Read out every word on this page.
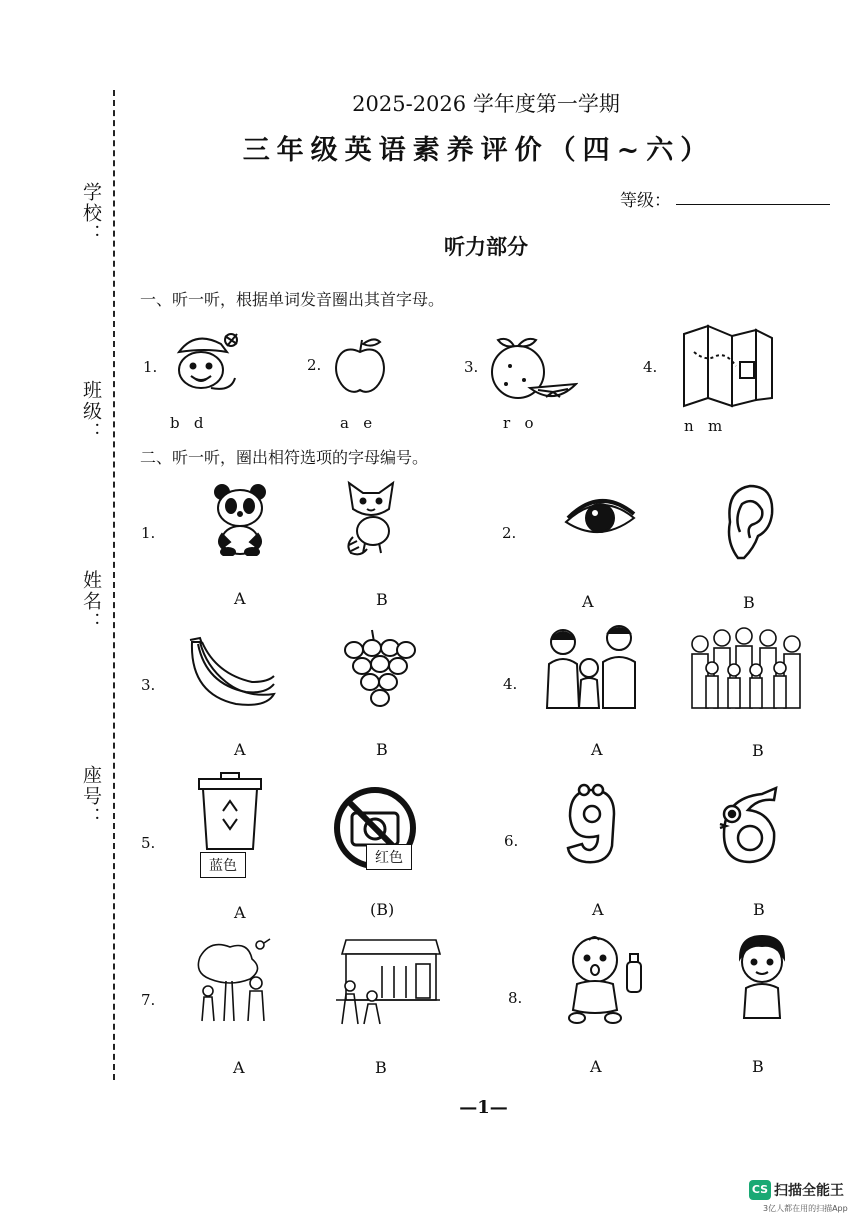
学校：
班级：
姓名：
座号：
2025-2026 学年度第一学期
三年级英语素养评价（四~六）
等级：
听力部分
一、听一听，根据单词发音圈出其首字母。
1.
b   d
2.
a   e
3.
r   o
4.
n   m
二、听一听，圈出相符选项的字母编号。
1.
A	B
2.
A	B
3.
A	B
4.
A	B
5.
蓝色	红色
A	(B)
6.
A	B
7.
A	B
8.
A	B
—1—
CS 扫描全能王
3亿人都在用的扫描App
